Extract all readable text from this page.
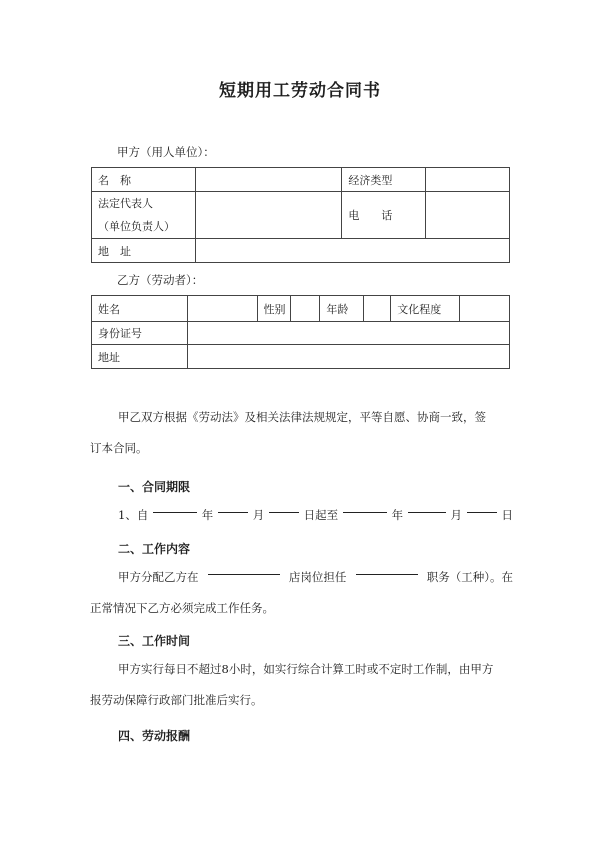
短期用工劳动合同书
甲方（用人单位）：
名　称		经济类型	

法定代表人
（单位负责人）		电　　话	
地　址			
乙方（劳动者）：
姓名		性别		年龄		文化程度	
身份证号							
地址							
甲乙双方根据《劳动法》及相关法律法规规定，平等自愿、协商一致，签
订本合同。
一、合同期限
1、自	年	月	日起至	年	月	日
二、工作内容
甲方分配乙方在	店岗位担任	职务（工种）。在
正常情况下乙方必须完成工作任务。
三、工作时间
甲方实行每日不超过8小时，如实行综合计算工时或不定时工作制，由甲方
报劳动保障行政部门批准后实行。
四、劳动报酬
